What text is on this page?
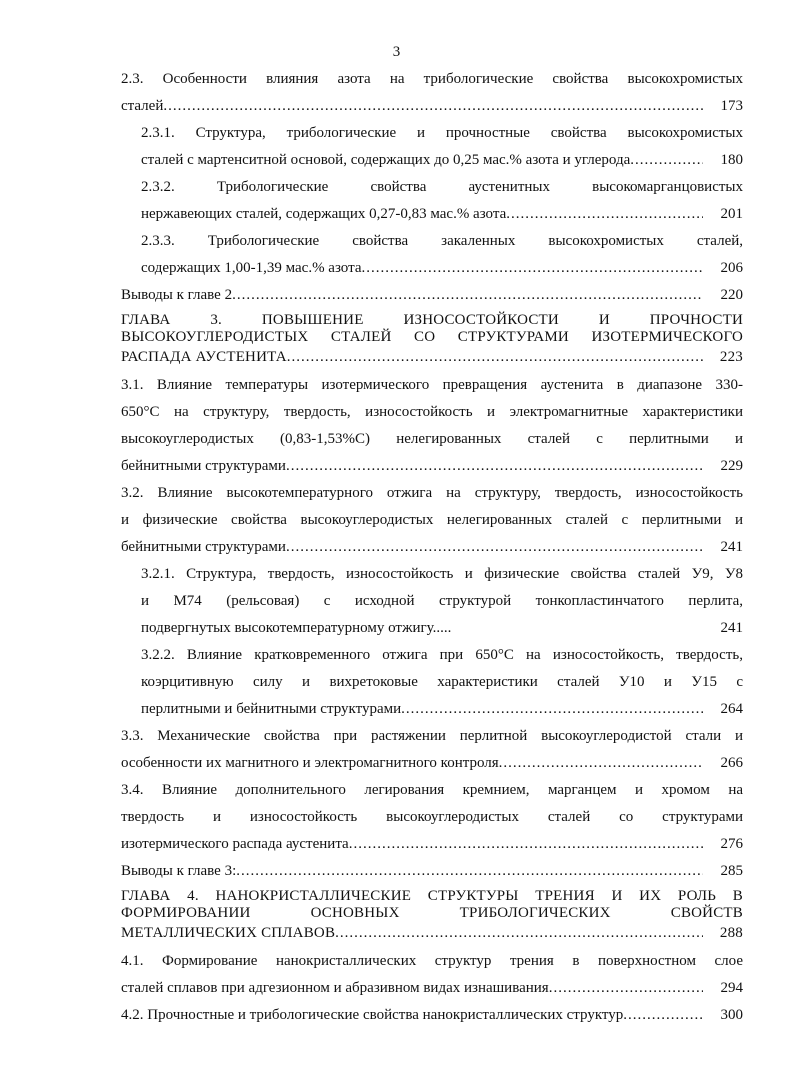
3
2.3. Особенности влияния азота на трибологические свойства высокохромистых
сталей .....	173
2.3.1. Структура, трибологические и прочностные свойства высокохромистых
сталей с мартенситной основой, содержащих до 0,25 мас.% азота и углерода .....	180
2.3.2. Трибологические свойства аустенитных высокомарганцовистых
нержавеющих сталей, содержащих 0,27-0,83 мас.% азота .....	201
2.3.3. Трибологические свойства закаленных высокохромистых сталей,
содержащих 1,00-1,39 мас.% азота .....	206
Выводы к главе 2 .....	220
ГЛАВА 3. ПОВЫШЕНИЕ ИЗНОСОСТОЙКОСТИ И ПРОЧНОСТИ
ВЫСОКОУГЛЕРОДИСТЫХ СТАЛЕЙ СО СТРУКТУРАМИ ИЗОТЕРМИЧЕСКОГО
РАСПАДА АУСТЕНИТА .....	223
3.1. Влияние температуры изотермического превращения аустенита в диапазоне 330-
650°С на структуру, твердость, износостойкость и электромагнитные характеристики
высокоуглеродистых (0,83-1,53%С) нелегированных сталей с перлитными и
бейнитными структурами .....	229
3.2. Влияние высокотемпературного отжига на структуру, твердость, износостойкость
и физические свойства высокоуглеродистых нелегированных сталей с перлитными и
бейнитными структурами .....	241
3.2.1. Структура, твердость, износостойкость и физические свойства сталей У9, У8
и М74 (рельсовая) с исходной структурой тонкопластинчатого перлита,
подвергнутых высокотемпературному отжигу.....	241
3.2.2. Влияние кратковременного отжига при 650°С на износостойкость, твердость,
коэрцитивную силу и вихретоковые характеристики сталей У10 и У15 с
перлитными и бейнитными структурами .....	264
3.3. Механические свойства при растяжении перлитной высокоуглеродистой стали и
особенности их магнитного и электромагнитного контроля .....	266
3.4. Влияние дополнительного легирования кремнием, марганцем и хромом на
твердость и износостойкость высокоуглеродистых сталей со структурами
изотермического распада аустенита .....	276
Выводы к главе 3: .....	285
ГЛАВА 4. НАНОКРИСТАЛЛИЧЕСКИЕ СТРУКТУРЫ ТРЕНИЯ И ИХ РОЛЬ В
ФОРМИРОВАНИИ ОСНОВНЫХ ТРИБОЛОГИЧЕСКИХ СВОЙСТВ
МЕТАЛЛИЧЕСКИХ СПЛАВОВ .....	288
4.1. Формирование нанокристаллических структур трения в поверхностном слое
сталей сплавов при адгезионном и абразивном видах изнашивания .....	294
4.2. Прочностные и трибологические свойства нанокристаллических структур .....	300
